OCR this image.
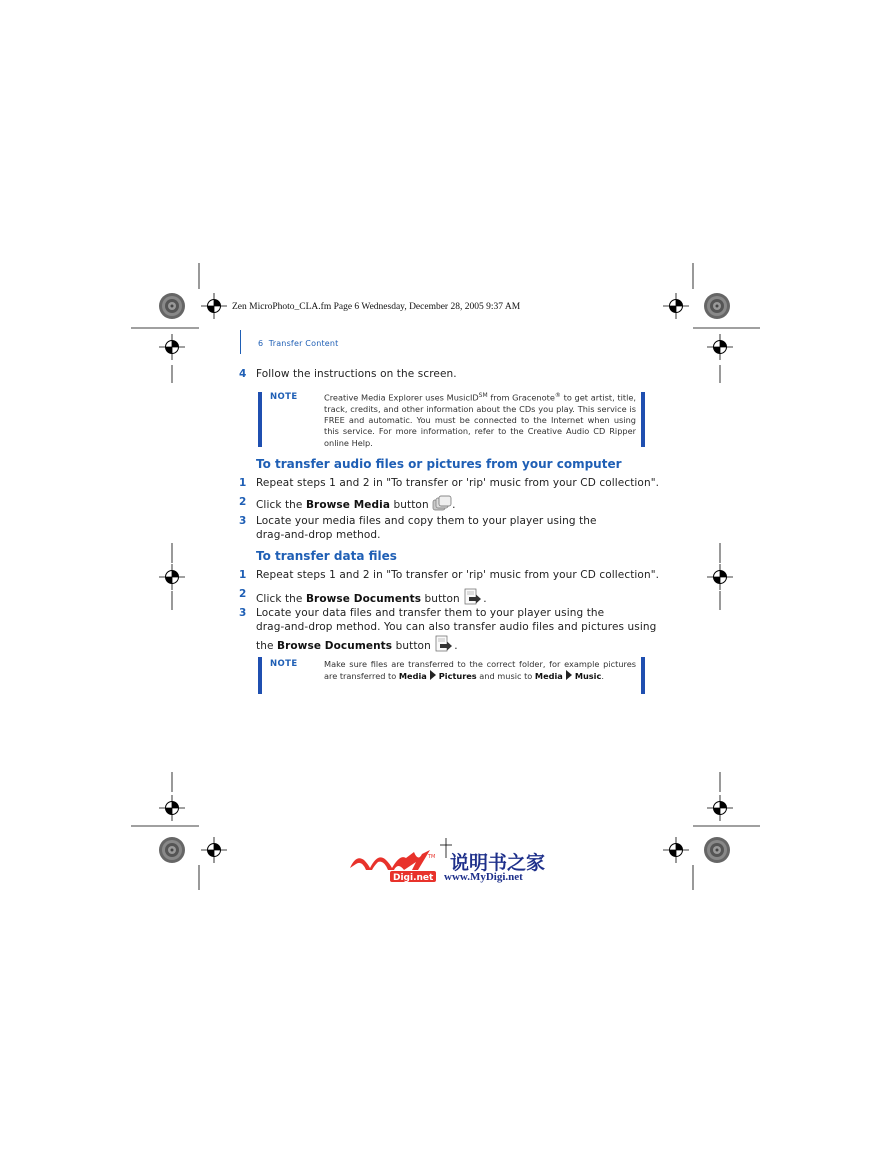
Zen MicroPhoto_CLA.fm Page 6 Wednesday, December 28, 2005 9:37 AM
6 Transfer Content
4 Follow the instructions on the screen.
NOTE	Creative Media Explorer uses MusicID℠ from Gracenote® to get artist, title, track, credits, and other information about the CDs you play. This service is FREE and automatic. You must be connected to the Internet when using this service. For more information, refer to the Creative Audio CD Ripper online Help.
To transfer audio files or pictures from your computer
1 Repeat steps 1 and 2 in "To transfer or 'rip' music from your CD collection".
2 Click the Browse Media button .
3 Locate your media files and copy them to your player using the
drag-and-drop method.
To transfer data files
1 Repeat steps 1 and 2 in "To transfer or 'rip' music from your CD collection".
2 Click the Browse Documents button .
3 Locate your data files and transfer them to your player using the
drag-and-drop method. You can also transfer audio files and pictures using
the Browse Documents button .
NOTE	Make sure files are transferred to the correct folder, for example pictures are transferred to Media Pictures and music to Media Music.
TM
Digi.net
说明书之家
www.MyDigi.net
